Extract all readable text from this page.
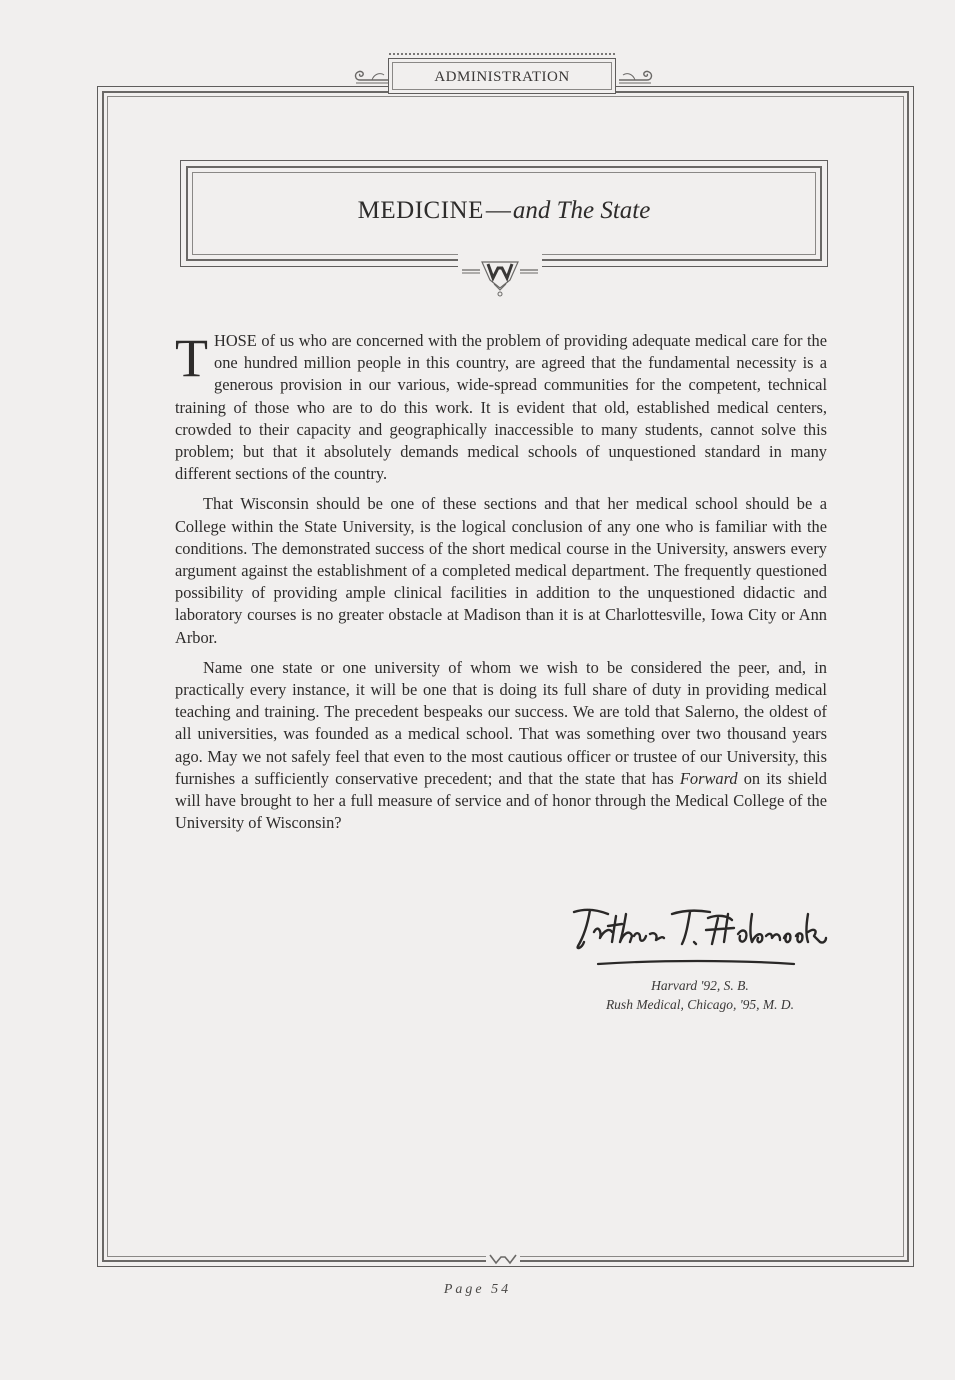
ADMINISTRATION
MEDICINE—and The State

THOSE of us who are concerned with the problem of providing adequate medical care for the one hundred million people in this country, are agreed that the fundamental necessity is a generous provision in our various, wide-spread communities for the competent, technical training of those who are to do this work. It is evident that old, established medical centers, crowded to their capacity and geographically inaccessible to many students, cannot solve this problem; but that it absolutely demands medical schools of unquestioned standard in many different sections of the country.

That Wisconsin should be one of these sections and that her medical school should be a College within the State University, is the logical conclusion of any one who is familiar with the conditions. The demonstrated success of the short medical course in the University, answers every argument against the establishment of a completed medical department. The frequently questioned possibility of providing ample clinical facilities in addition to the unquestioned didactic and laboratory courses is no greater obstacle at Madison than it is at Charlottesville, Iowa City or Ann Arbor.

Name one state or one university of whom we wish to be considered the peer, and, in practically every instance, it will be one that is doing its full share of duty in providing medical teaching and training. The precedent bespeaks our success. We are told that Salerno, the oldest of all universities, was founded as a medical school. That was something over two thousand years ago. May we not safely feel that even to the most cautious officer or trustee of our University, this furnishes a sufficiently conservative precedent; and that the state that has Forward on its shield will have brought to her a full measure of service and of honor through the Medical College of the University of Wisconsin?

Harvard '92, S. B.
Rush Medical, Chicago, '95, M. D.
Page 54
